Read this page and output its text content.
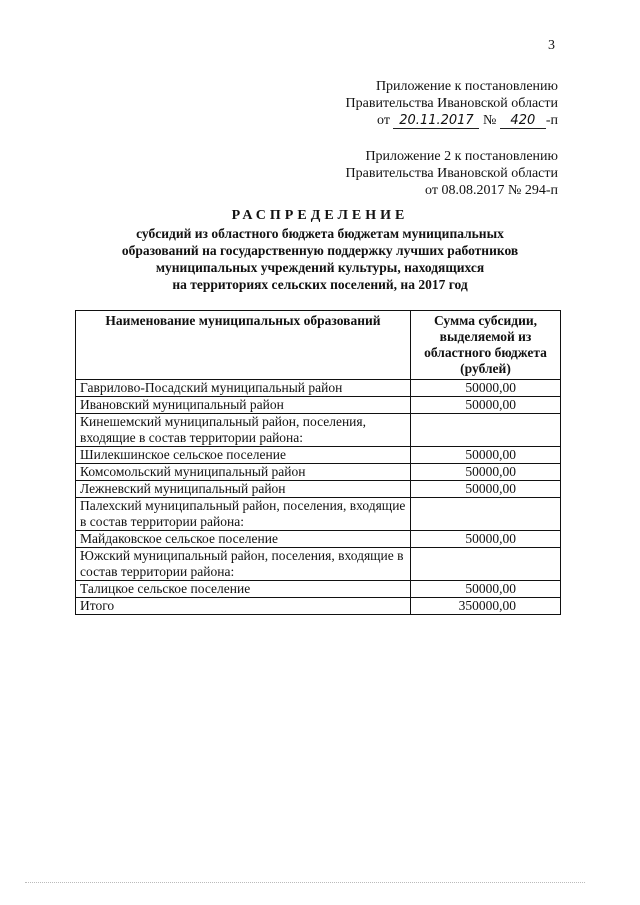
3
Приложение к постановлению
Правительства Ивановской области
от 20.11.2017 № 420 -п
Приложение 2 к постановлению
Правительства Ивановской области
от 08.08.2017 № 294-п
РАСПРЕДЕЛЕНИЕ
субсидий из областного бюджета бюджетам муниципальных
образований на государственную поддержку лучших работников
муниципальных учреждений культуры, находящихся
на территориях сельских поселений, на 2017 год
Наименование муниципальных образований	Сумма субсидии,
выделяемой из
областного бюджета
(рублей)

Гаврилово-Посадский муниципальный район	50000,00
Ивановский муниципальный район	50000,00
Кинешемский муниципальный район, поселения, входящие в состав территории района:	
Шилекшинское сельское поселение	50000,00
Комсомольский муниципальный район	50000,00
Лежневский муниципальный район	50000,00
Палехский муниципальный район, поселения, входящие в состав территории района:	
Майдаковское сельское поселение	50000,00
Южский муниципальный район, поселения, входящие в состав территории района:	
Талицкое сельское поселение	50000,00
Итого	350000,00
